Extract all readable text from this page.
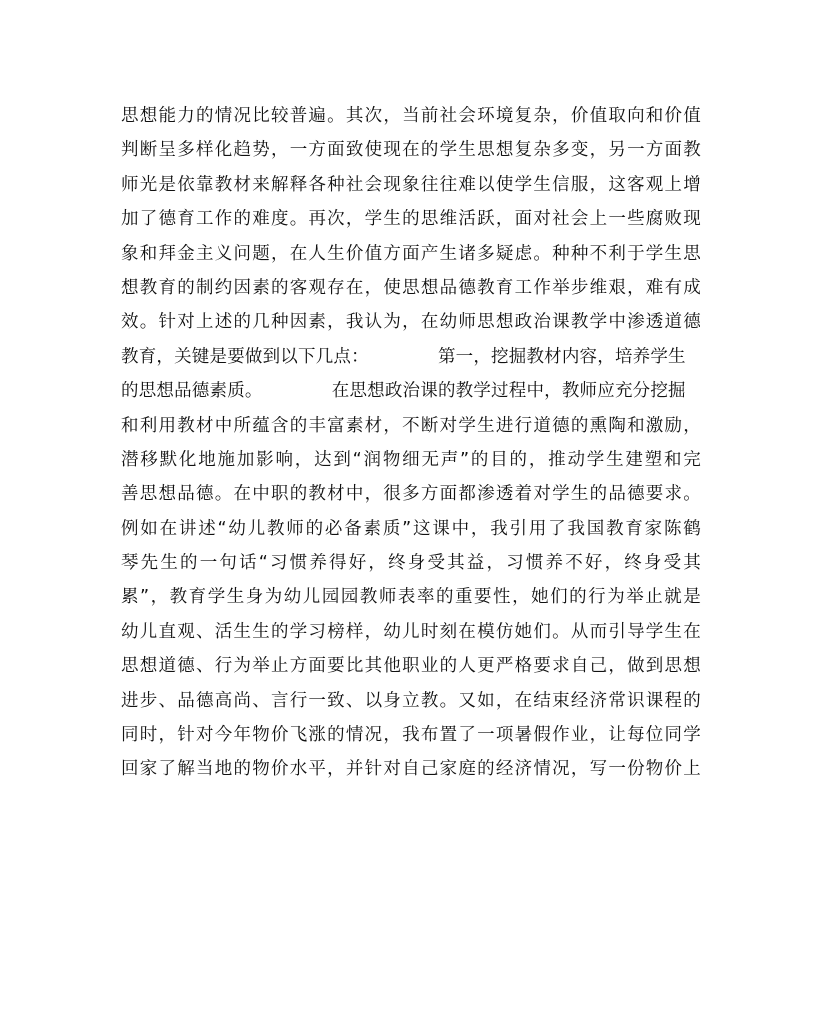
思想能力的情况比较普遍。其次，当前社会环境复杂，价值取向和价值
判断呈多样化趋势，一方面致使现在的学生思想复杂多变，另一方面教
师光是依靠教材来解释各种社会现象往往难以使学生信服，这客观上增
加了德育工作的难度。再次，学生的思维活跃，面对社会上一些腐败现
象和拜金主义问题，在人生价值方面产生诸多疑虑。种种不利于学生思
想教育的制约因素的客观存在，使思想品德教育工作举步维艰，难有成
效。针对上述的几种因素，我认为，在幼师思想政治课教学中渗透道德
教育，关键是要做到以下几点：            第一，挖掘教材内容，培养学生
的思想品德素质。            在思想政治课的教学过程中，教师应充分挖掘
和利用教材中所蕴含的丰富素材，不断对学生进行道德的熏陶和激励，
潜移默化地施加影响，达到“润物细无声”的目的，推动学生建塑和完
善思想品德。在中职的教材中，很多方面都渗透着对学生的品德要求。
例如在讲述“幼儿教师的必备素质”这课中，我引用了我国教育家陈鹤
琴先生的一句话“习惯养得好，终身受其益，习惯养不好，终身受其
累”，教育学生身为幼儿园园教师表率的重要性，她们的行为举止就是
幼儿直观、活生生的学习榜样，幼儿时刻在模仿她们。从而引导学生在
思想道德、行为举止方面要比其他职业的人更严格要求自己，做到思想
进步、品德高尚、言行一致、以身立教。又如，在结束经济常识课程的
同时，针对今年物价飞涨的情况，我布置了一项暑假作业，让每位同学
回家了解当地的物价水平，并针对自己家庭的经济情况，写一份物价上
